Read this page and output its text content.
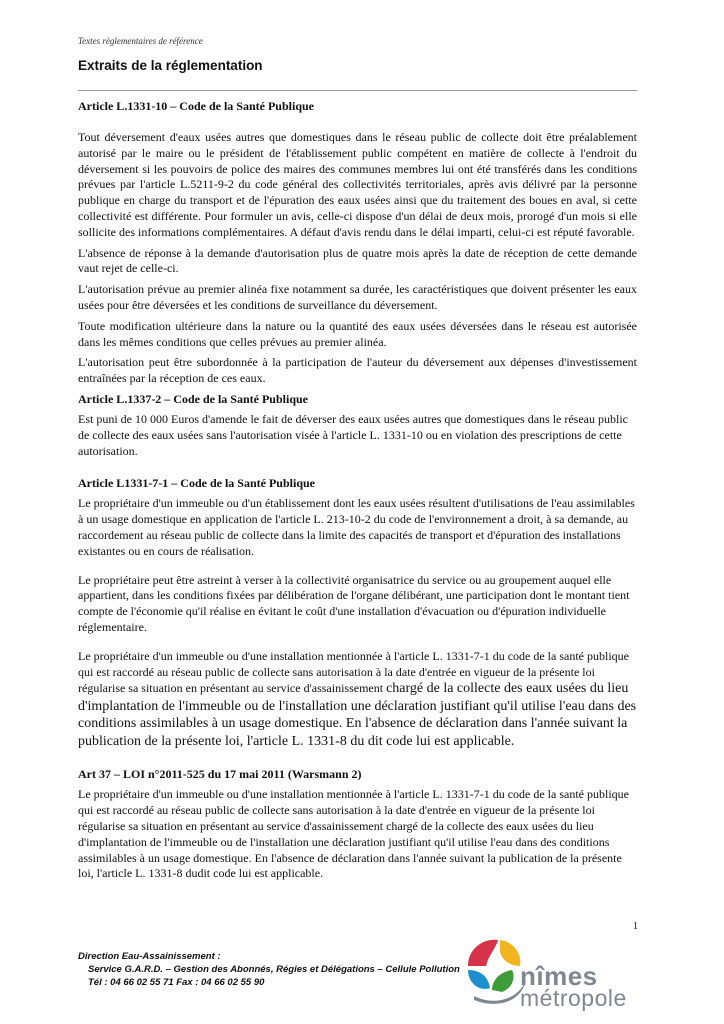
Textes règlementaires de référence
Extraits de la réglementation

Article L.1331-10 – Code de la Santé Publique

Tout déversement d'eaux usées autres que domestiques dans le réseau public de collecte doit être préalablement autorisé par le maire ou le président de l'établissement public compétent en matière de collecte à l'endroit du déversement si les pouvoirs de police des maires des communes membres lui ont été transférés dans les conditions prévues par l'article L.5211-9-2 du code général des collectivités territoriales, après avis délivré par la personne publique en charge du transport et de l'épuration des eaux usées ainsi que du traitement des boues en aval, si cette collectivité est différente. Pour formuler un avis, celle-ci dispose d'un délai de deux mois, prorogé d'un mois si elle sollicite des informations complémentaires. A défaut d'avis rendu dans le délai imparti, celui-ci est réputé favorable.

L'absence de réponse à la demande d'autorisation plus de quatre mois après la date de réception de cette demande vaut rejet de celle-ci.

L'autorisation prévue au premier alinéa fixe notamment sa durée, les caractéristiques que doivent présenter les eaux usées pour être déversées et les conditions de surveillance du déversement.

Toute modification ultérieure dans la nature ou la quantité des eaux usées déversées dans le réseau est autorisée dans les mêmes conditions que celles prévues au premier alinéa.

L'autorisation peut être subordonnée à la participation de l'auteur du déversement aux dépenses d'investissement entraînées par la réception de ces eaux.

Article L.1337-2 – Code de la Santé Publique

Est puni de 10 000 Euros d'amende le fait de déverser des eaux usées autres que domestiques dans le réseau public de collecte des eaux usées sans l'autorisation visée à l'article L. 1331-10 ou en violation des prescriptions de cette autorisation.

Article L1331-7-1 – Code de la Santé Publique

Le propriétaire d'un immeuble ou d'un établissement dont les eaux usées résultent d'utilisations de l'eau assimilables à un usage domestique en application de l'article L. 213-10-2 du code de l'environnement a droit, à sa demande, au raccordement au réseau public de collecte dans la limite des capacités de transport et d'épuration des installations existantes ou en cours de réalisation.

Le propriétaire peut être astreint à verser à la collectivité organisatrice du service ou au groupement auquel elle appartient, dans les conditions fixées par délibération de l'organe délibérant, une participation dont le montant tient compte de l'économie qu'il réalise en évitant le coût d'une installation d'évacuation ou d'épuration individuelle réglementaire.

Le propriétaire d'un immeuble ou d'une installation mentionnée à l'article L. 1331-7-1 du code de la santé publique qui est raccordé au réseau public de collecte sans autorisation à la date d'entrée en vigueur de la présente loi régularise sa situation en présentant au service d'assainissement chargé de la collecte des eaux usées du lieu d'implantation de l'immeuble ou de l'installation une déclaration justifiant qu'il utilise l'eau dans des conditions assimilables à un usage domestique. En l'absence de déclaration dans l'année suivant la publication de la présente loi, l'article L. 1331-8 du dit code lui est applicable.

Art 37 – LOI n°2011-525 du 17 mai 2011 (Warsmann 2)

Le propriétaire d'un immeuble ou d'une installation mentionnée à l'article L. 1331-7-1 du code de la santé publique qui est raccordé au réseau public de collecte sans autorisation à la date d'entrée en vigueur de la présente loi régularise sa situation en présentant au service d'assainissement chargé de la collecte des eaux usées du lieu d'implantation de l'immeuble ou de l'installation une déclaration justifiant qu'il utilise l'eau dans des conditions assimilables à un usage domestique. En l'absence de déclaration dans l'année suivant la publication de la présente loi, l'article L. 1331-8 dudit code lui est applicable.

1
Direction Eau-Assainissement :
Service G.A.R.D. – Gestion des Abonnés, Régies et Délégations – Cellule Pollution
Tél : 04 66 02 55 71 Fax : 04 66 02 55 90	nîmes
métropole
